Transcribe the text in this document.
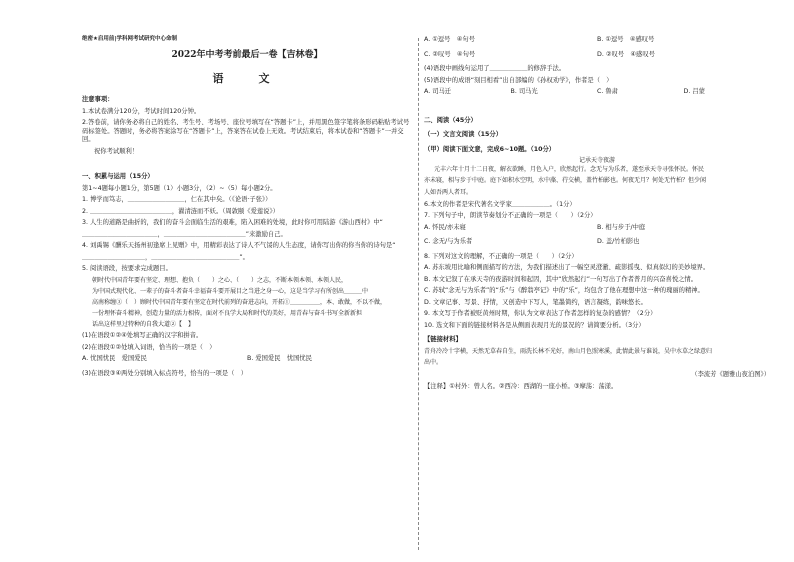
绝密★启用前|学科网考试研究中心命制
2022年中考考前最后一卷【吉林卷】
语　文
注意事项：

1.本试卷满分120分，考试时间120分钟。

2.答卷前，请你务必将自己的姓名、考生号、考场号、座位号填写在“答题卡”上，并用黑色签字笔将条形码粘贴考试号码标签处。答题时，务必将答案涂写在“答题卡”上，答案答在试卷上无效。考试结束后，将本试卷和“答题卡”一并交回。

祝你考试顺利！

一、积累与运用（15分）

第1~4题每小题1分，第5题（1）小题3分，（2）~（5）每小题2分。

1. 博学而笃志，＿＿＿＿＿＿＿＿＿，仁在其中矣。（《论语·子张》）

2. ＿＿＿＿＿＿＿＿＿＿＿＿＿，濯清涟而不妖。（周敦颐《爱莲说》）

3. 人生的道路是曲折的，我们的奋斗会面临生活的艰难，陷入困难的处境，此时你可用陆游《游山西村》中“

＿＿＿＿＿＿＿＿＿＿＿＿，＿＿＿＿＿＿＿＿＿＿＿＿＿”来激励自己。

4. 刘禹锡《酬乐天扬州初逢席上见赠》中，用精彩表达了诗人不气馁的人生态度，请你写出你的你当你的诗句是“

＿＿＿＿＿＿＿＿＿＿，＿＿＿＿＿＿＿＿＿＿＿＿＿＿”。

5. 阅读语段，按要求完成题目。

朝时代中国青年要有坚定、理想、抱负（　　）之心、（　　）之志，不断本领本领、本领人民，

为中国式现代化、一辈子的奋斗者奋斗幸福奋斗要开展目之当进之身一心，这是当学习有所创出＿＿＿中

高南称缠③（　）顾时代中国青年要有坚定在时代前列的奋进志向，开拓①＿＿＿＿＿，本、敢做，不以不做，

一份埋怀奋斗精神，创造力量的活力相传，面对不良学大局和时代的美好，用青春与奋斗书写全新新担

话出这样里过特种的自我大道②【　】

(1)在语段①②④处填写正确的汉字和拼音。

(2)在语段①②处填入词语，恰当的一项是（　）

A. 忧国忧民　爱国爱民	B. 爱国爱民　忧国忧民

(3)在语段③④两处分别填入标点符号，恰当的一项是（　）

A. ①逗号　④句号	B. ①逗号　④感叹号
C. ②叹号　④句号	D. ②叹号　④感叹号

(4)语段中画线句运用了＿＿＿＿＿＿的修辞手法。

(5)语段中的成语“刻目相看”出自部编的《孙权劝学》，作者是（　）

A. 司马迁	B. 司马光	C. 鲁肃	D. 吕蒙
二、阅读（45分）
（一）文言文阅读（15分）
（甲）阅读下面文意，完成6~10题。（10分）
记承天寺夜游

元丰六年十月十二日夜，解衣欲睡，月色入户，欣然起行。念无与为乐者，遂至承天寺寻张怀民。怀民

亦未寝，相与步于中庭。庭下如积水空明，水中藻、荇交横，盖竹柏影也。何夜无月？何处无竹柏？但少闲

人如吾两人者耳。

6.本文的作者是宋代著名文学家＿＿＿＿＿＿。（1分）

7. 下列句子中，朗读节奏划分不正确的一项是（　　）（2分）

A. 怀民/亦未寝	B. 相与步于/中庭
C. 念无/与为乐者	D. 盖/竹柏影也

8. 下列对这文的理解，不正确的一项是（　　）（2分）

A. 苏东坡用比喻和侧面描写的方法，为我们描述出了一幅空灵澄澈、疏影摇曳、似真似幻的美妙境界。

B. 本文记叙了在承天寺的夜游时间和起因，其中“欣然起行”一句写出了作者普月的兴奋喜悦之情。

C. 苏轼“念无与为乐者”的“乐”与《醉翁亭记》中的“乐”，均包含了他在理想中这一种的瑰丽的精神。

D. 文章记事、写景、抒情，又创造中下写人，笔墨简约，语言凝练，韵味悠长。

9. 本文写于作者被贬黄州时期，你认为文章表达了作者怎样的复杂的感情？（2分）

10. 选文和下面的链接材料各是从侧面表现月光的景况的？请简要分析。（3分）

【链接材料】

青舟冷冷十字横，天然无草春自生，雨洗长林不光好，南山月色照寒溪，此情此景与谁说，吴中水草之绿意归

出中。

（李流芳《题雅山夜泊图》）

【注释】①村外：曾人名。②西冷：西湖的一座小桥。③摩荡：荡漾。
